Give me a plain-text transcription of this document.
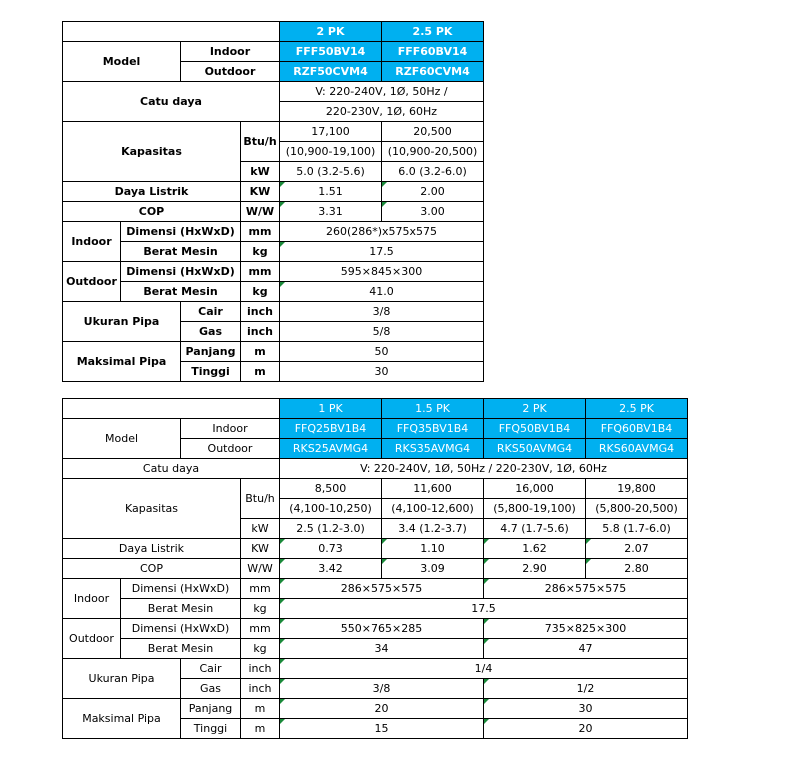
				2 PK	2.5 PK
Model		Indoor		FFF50BV14	FFF60BV14
		Outdoor		RZF50CVM4	RZF60CVM4
Catu daya				V: 220-240V, 1Ø, 50Hz /	
				220-230V, 1Ø, 60Hz	
Kapasitas			Btu/h	17,100	20,500
				(10,900-19,100)	(10,900-20,500)
			kW	5.0 (3.2-5.6)	6.0 (3.2-6.0)
Daya Listrik			KW	1.51	2.00
COP			W/W	3.31	3.00
Indoor	Dimensi (HxWxD)		mm	260(286*)x575x575	
	Berat Mesin		kg	17.5	
Outdoor	Dimensi (HxWxD)		mm	595×845×300	
	Berat Mesin		kg	41.0	
Ukuran Pipa		Cair	inch	3/8	
		Gas	inch	5/8	
Maksimal Pipa		Panjang	m	50	
		Tinggi	m	30	
				1 PK	1.5 PK	2 PK	2.5 PK
Model		Indoor		FFQ25BV1B4	FFQ35BV1B4	FFQ50BV1B4	FFQ60BV1B4
		Outdoor		RKS25AVMG4	RKS35AVMG4	RKS50AVMG4	RKS60AVMG4
Catu daya				V: 220-240V, 1Ø, 50Hz / 220-230V, 1Ø, 60Hz			
Kapasitas			Btu/h	8,500	11,600	16,000	19,800
				(4,100-10,250)	(4,100-12,600)	(5,800-19,100)	(5,800-20,500)
			kW	2.5 (1.2-3.0)	3.4 (1.2-3.7)	4.7 (1.7-5.6)	5.8 (1.7-6.0)
Daya Listrik			KW	0.73	1.10	1.62	2.07
COP			W/W	3.42	3.09	2.90	2.80
Indoor	Dimensi (HxWxD)		mm	286×575×575		286×575×575	
	Berat Mesin		kg	17.5			
Outdoor	Dimensi (HxWxD)		mm	550×765×285		735×825×300	
	Berat Mesin		kg	34		47	
Ukuran Pipa		Cair	inch	1/4			
		Gas	inch	3/8		1/2	
Maksimal Pipa		Panjang	m	20		30	
		Tinggi	m	15		20	
